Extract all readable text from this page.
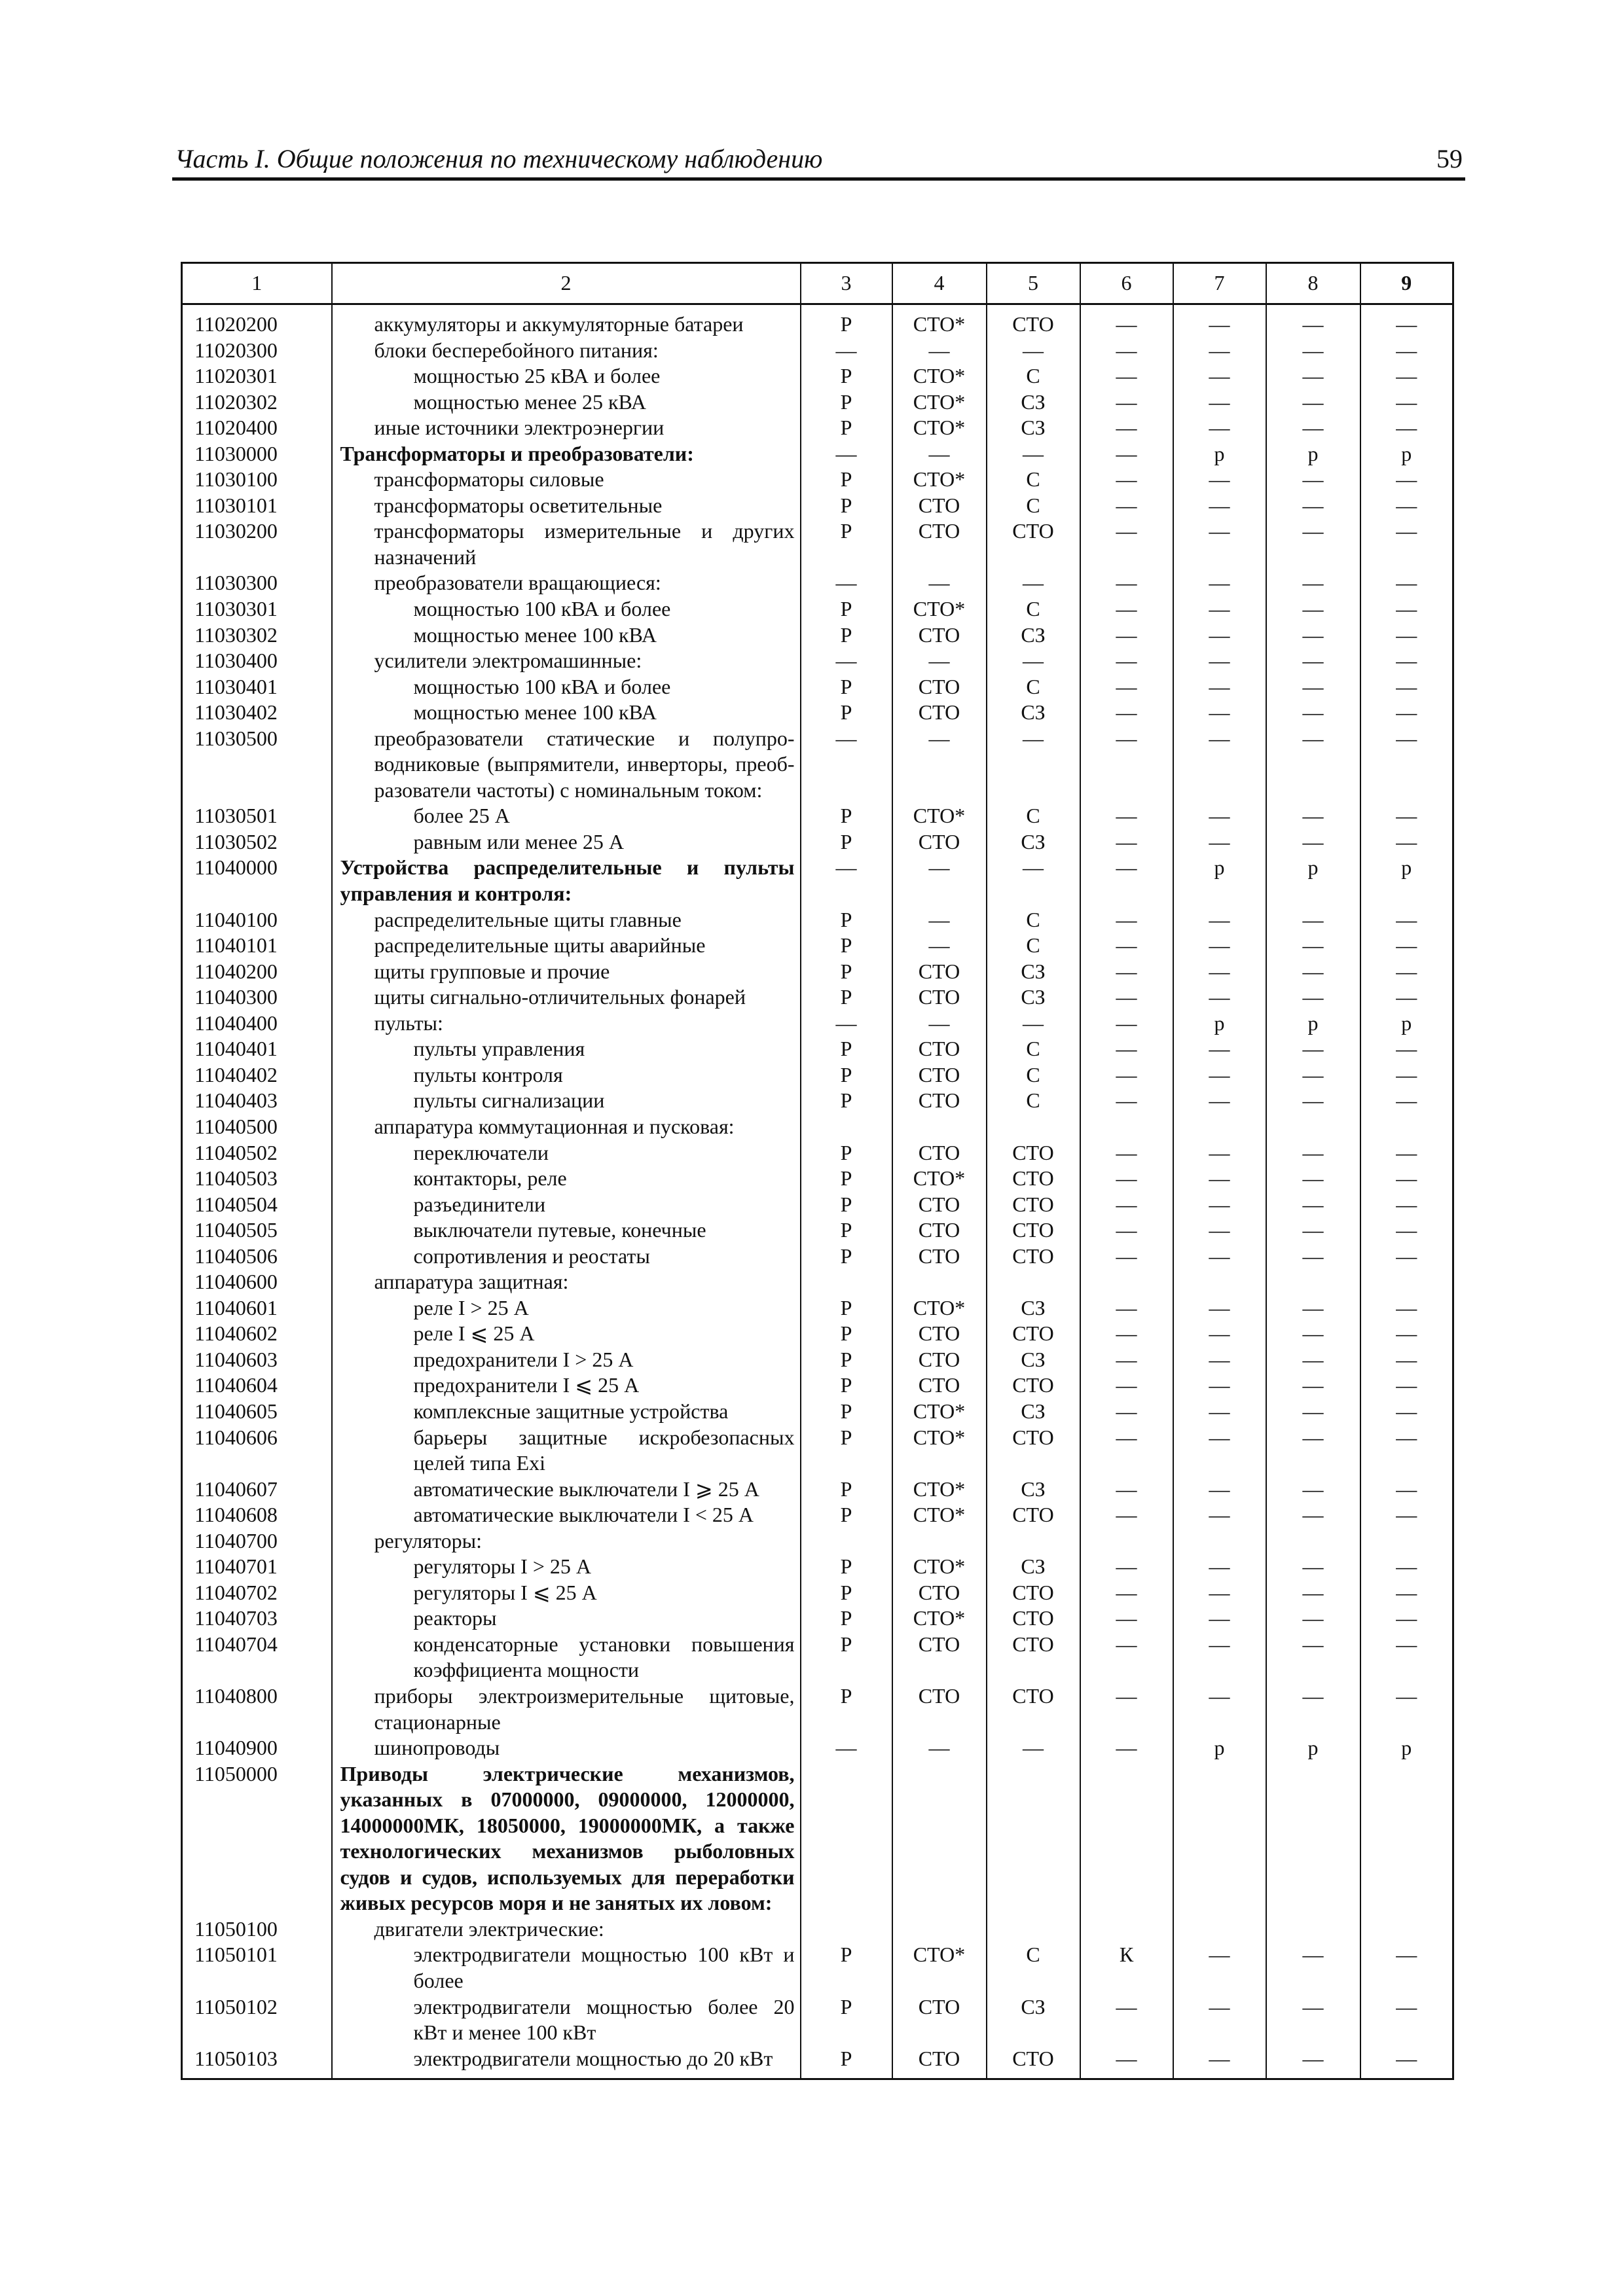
Часть I. Общие положения по техническому наблюдению	59
1	2	3	4	5	6	7	8	9
11020200	аккумуляторы и аккумуляторные батареи	Р	СТО*	СТО	—	—	—	—
11020300	блоки бесперебойного питания:	—	—	—	—	—	—	—
11020301	мощностью 25 кВА и более	Р	СТО*	С	—	—	—	—
11020302	мощностью менее 25 кВА	Р	СТО*	СЗ	—	—	—	—
11020400	иные источники электроэнергии	Р	СТО*	СЗ	—	—	—	—
11030000	Трансформаторы и преобразователи:	—	—	—	—	р	р	р
11030100	трансформаторы силовые	Р	СТО*	С	—	—	—	—
11030101	трансформаторы осветительные	Р	СТО	С	—	—	—	—
11030200	трансформаторы измерительные и других назначений	Р	СТО	СТО	—	—	—	—
11030300	преобразователи вращающиеся:	—	—	—	—	—	—	—
11030301	мощностью 100 кВА и более	Р	СТО*	С	—	—	—	—
11030302	мощностью менее 100 кВА	Р	СТО	СЗ	—	—	—	—
11030400	усилители электромашинные:	—	—	—	—	—	—	—
11030401	мощностью 100 кВА и более	Р	СТО	С	—	—	—	—
11030402	мощностью менее 100 кВА	Р	СТО	СЗ	—	—	—	—
11030500	преобразователи статические и полупро-водниковые (выпрямители, инверторы, преоб-разователи частоты) с номинальным током:	—	—	—	—	—	—	—
11030501	более 25 А	Р	СТО*	С	—	—	—	—
11030502	равным или менее 25 А	Р	СТО	СЗ	—	—	—	—
11040000	Устройства распределительные и пульты управления и контроля:	—	—	—	—	р	р	р
11040100	распределительные щиты главные	Р	—	С	—	—	—	—
11040101	распределительные щиты аварийные	Р	—	С	—	—	—	—
11040200	щиты групповые и прочие	Р	СТО	СЗ	—	—	—	—
11040300	щиты сигнально-отличительных фонарей	Р	СТО	СЗ	—	—	—	—
11040400	пульты:	—	—	—	—	р	р	р
11040401	пульты управления	Р	СТО	С	—	—	—	—
11040402	пульты контроля	Р	СТО	С	—	—	—	—
11040403	пульты сигнализации	Р	СТО	С	—	—	—	—
11040500	аппаратура коммутационная и пусковая:							

11040502	переключатели	Р	СТО	СТО	—	—	—	—
11040503	контакторы, реле	Р	СТО*	СТО	—	—	—	—
11040504	разъединители	Р	СТО	СТО	—	—	—	—
11040505	выключатели путевые, конечные	Р	СТО	СТО	—	—	—	—
11040506	сопротивления и реостаты	Р	СТО	СТО	—	—	—	—
11040600	аппаратура защитная:							

11040601	реле I > 25 А	Р	СТО*	СЗ	—	—	—	—
11040602	реле I ⩽ 25 А	Р	СТО	СТО	—	—	—	—
11040603	предохранители I > 25 А	Р	СТО	СЗ	—	—	—	—
11040604	предохранители I ⩽ 25 А	Р	СТО	СТО	—	—	—	—
11040605	комплексные защитные устройства	Р	СТО*	СЗ	—	—	—	—
11040606	барьеры защитные искробезопасных целей типа Exi	Р	СТО*	СТО	—	—	—	—
11040607	автоматические выключатели I ⩾ 25 А	Р	СТО*	СЗ	—	—	—	—
11040608	автоматические выключатели I < 25 А	Р	СТО*	СТО	—	—	—	—
11040700	регуляторы:							

11040701	регуляторы I > 25 А	Р	СТО*	СЗ	—	—	—	—
11040702	регуляторы I ⩽ 25 А	Р	СТО	СТО	—	—	—	—
11040703	реакторы	Р	СТО*	СТО	—	—	—	—
11040704	конденсаторные установки повышения коэффициента мощности	Р	СТО	СТО	—	—	—	—
11040800	приборы электроизмерительные щитовые, стационарные	Р	СТО	СТО	—	—	—	—
11040900	шинопроводы	—	—	—	—	р	р	р
11050000	Приводы электрические механизмов, указанных в 07000000, 09000000, 12000000, 14000000МК, 18050000, 19000000МК, а также технологических механизмов рыболовных судов и судов, используемых для переработки живых ресурсов моря и не занятых их ловом:							

11050100	двигатели электрические:							

11050101	электродвигатели мощностью 100 кВт и более	Р	СТО*	С	К	—	—	—
11050102	электродвигатели мощностью более 20 кВт и менее 100 кВт	Р	СТО	СЗ	—	—	—	—
11050103	электродвигатели мощностью до 20 кВт	Р	СТО	СТО	—	—	—	—
